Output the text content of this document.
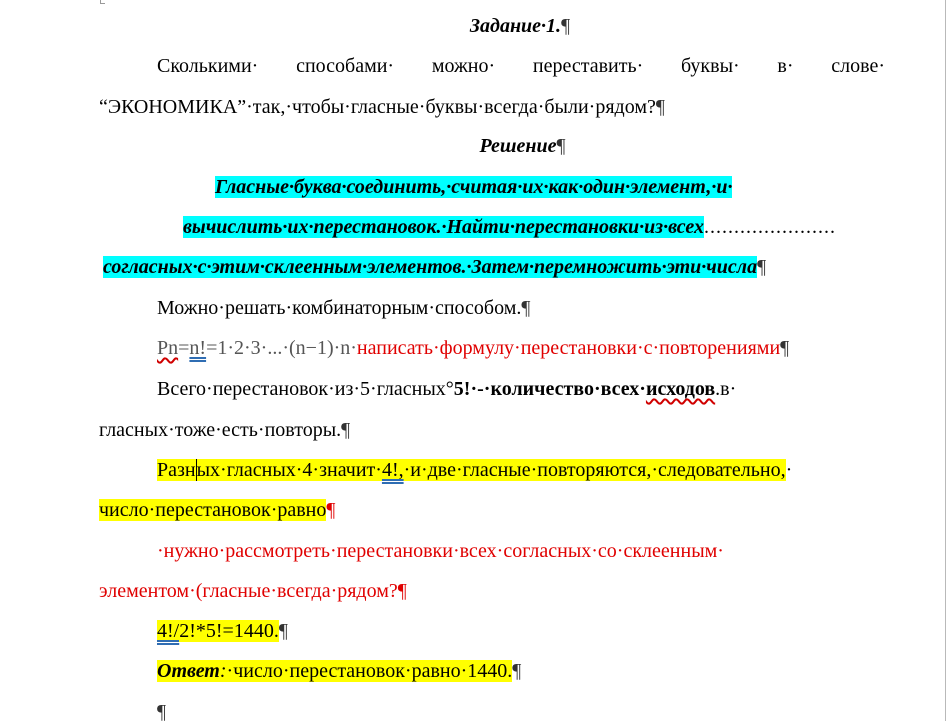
Задание·1.¶
Сколькими· способами· можно· переставить· буквы· в· слове·
“ЭКОНОМИКА”·так,·чтобы·гласные·буквы·всегда·были·рядом?¶
Решение¶
Гласные·буква·соединить,·считая·их·как·один·элемент,·и·
вычислить·их·перестановок.·Найти·перестановки·из·всех......................
согласных·с·этим·склеенным·элементов.·Затем·перемножить·эти·числа¶
Можно·решать·комбинаторным·способом.¶
Pn=n!=1·2·3·...·(n−1)·n·написать·формулу·перестановки·с·повторениями¶
Всего·перестановок·из·5·гласных°5!·-·количество·всех·исходов.в·
гласных·тоже·есть·повторы.¶
Разных·гласных·4·значит·4!,·и·две·гласные·повторяются,·следовательно,·
число·перестановок·равно¶
·нужно·рассмотреть·перестановки·всех·согласных·со·склеенным·
элементом·(гласные·всегда·рядом?¶
4!/2!*5!=1440.¶
Ответ:·число·перестановок·равно·1440.¶
¶
